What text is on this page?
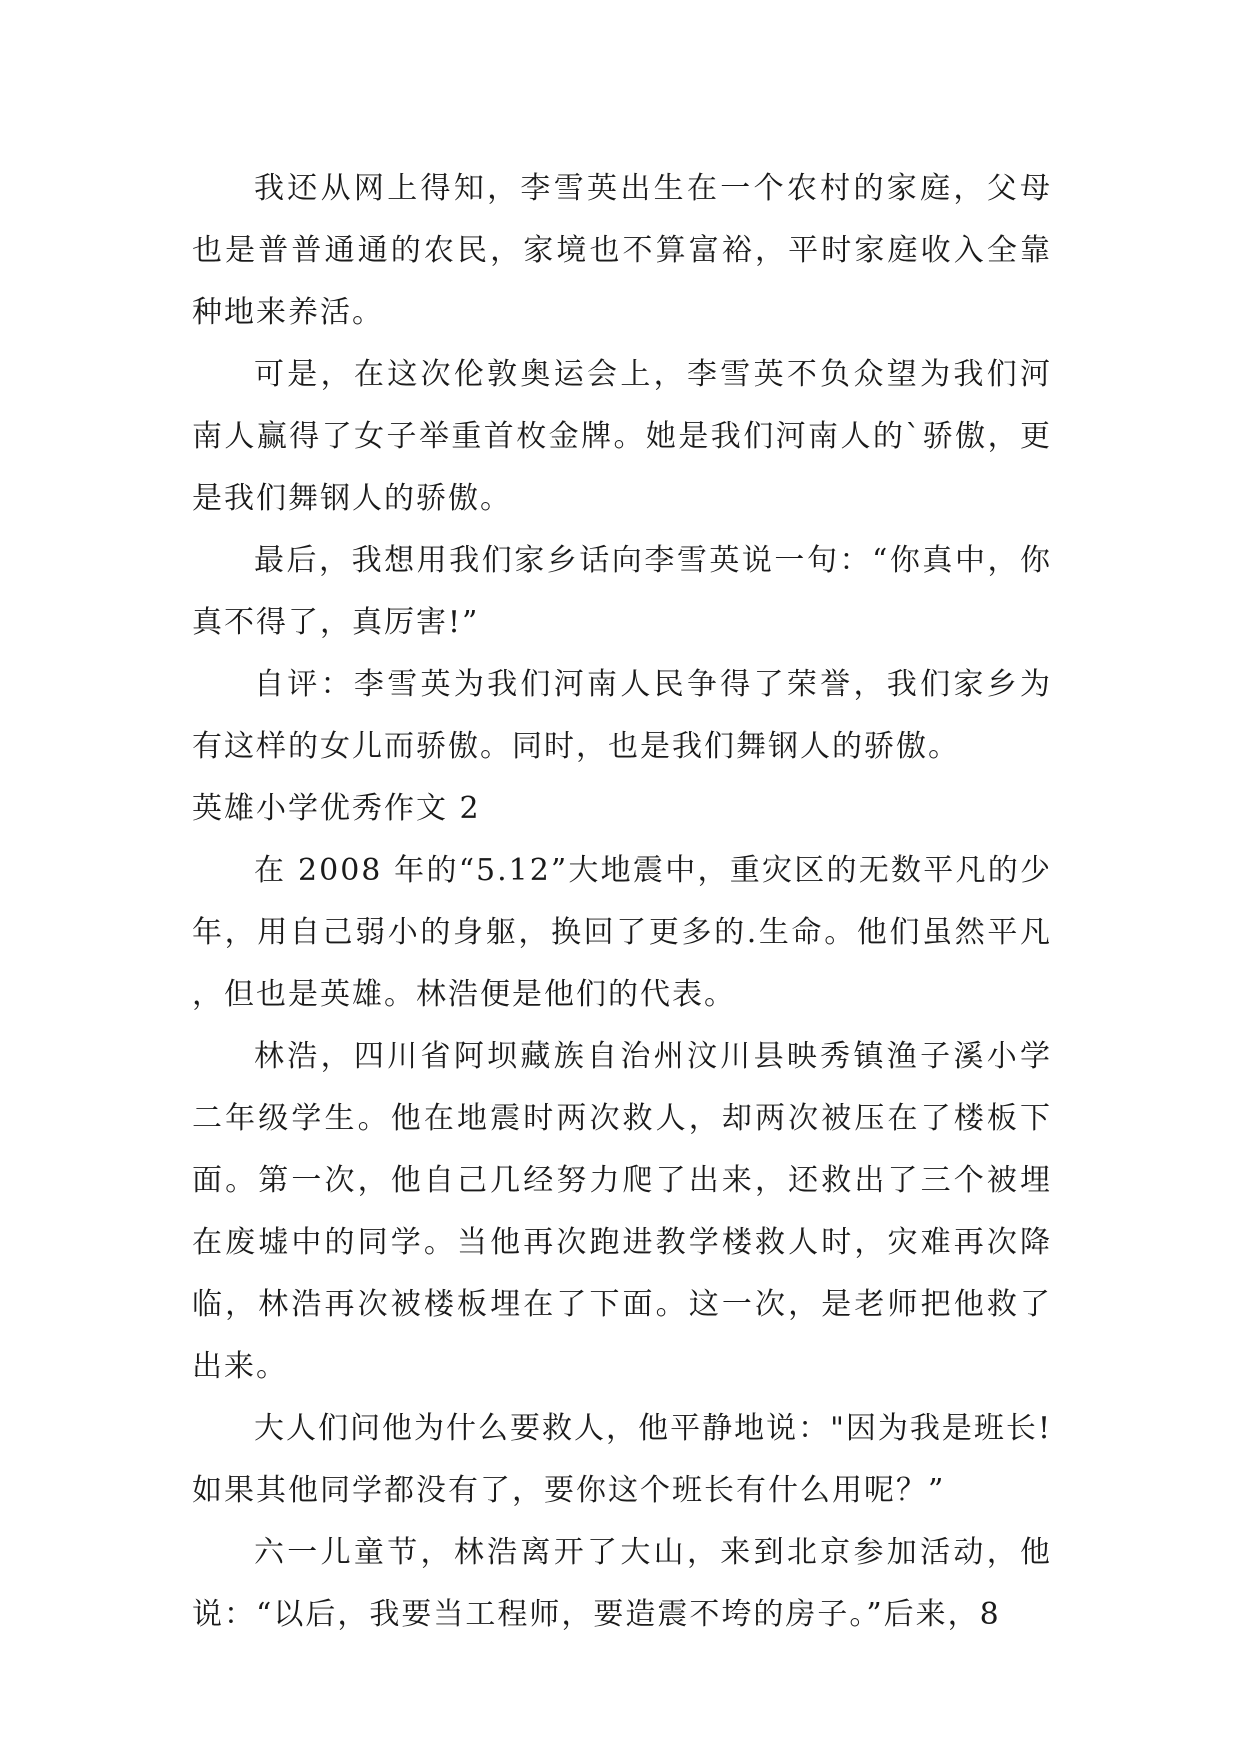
我还从网上得知，李雪英出生在一个农村的家庭，父母也是普普通通的农民，家境也不算富裕，平时家庭收入全靠种地来养活。

可是，在这次伦敦奥运会上，李雪英不负众望为我们河南人赢得了女子举重首枚金牌。她是我们河南人的`骄傲，更是我们舞钢人的骄傲。

最后，我想用我们家乡话向李雪英说一句：“你真中，你真不得了，真厉害!”

自评：李雪英为我们河南人民争得了荣誉，我们家乡为有这样的女儿而骄傲。同时，也是我们舞钢人的骄傲。

英雄小学优秀作文 2

在 2008 年的“5.12”大地震中，重灾区的无数平凡的少年，用自己弱小的身躯，换回了更多的.生命。他们虽然平凡，但也是英雄。林浩便是他们的代表。

林浩，四川省阿坝藏族自治州汶川县映秀镇渔子溪小学二年级学生。他在地震时两次救人，却两次被压在了楼板下面。第一次，他自己几经努力爬了出来，还救出了三个被埋在废墟中的同学。当他再次跑进教学楼救人时，灾难再次降临，林浩再次被楼板埋在了下面。这一次，是老师把他救了出来。

大人们问他为什么要救人，他平静地说："因为我是班长!如果其他同学都没有了，要你这个班长有什么用呢？”

六一儿童节，林浩离开了大山，来到北京参加活动，他说：“以后，我要当工程师，要造震不垮的房子。”后来，8
